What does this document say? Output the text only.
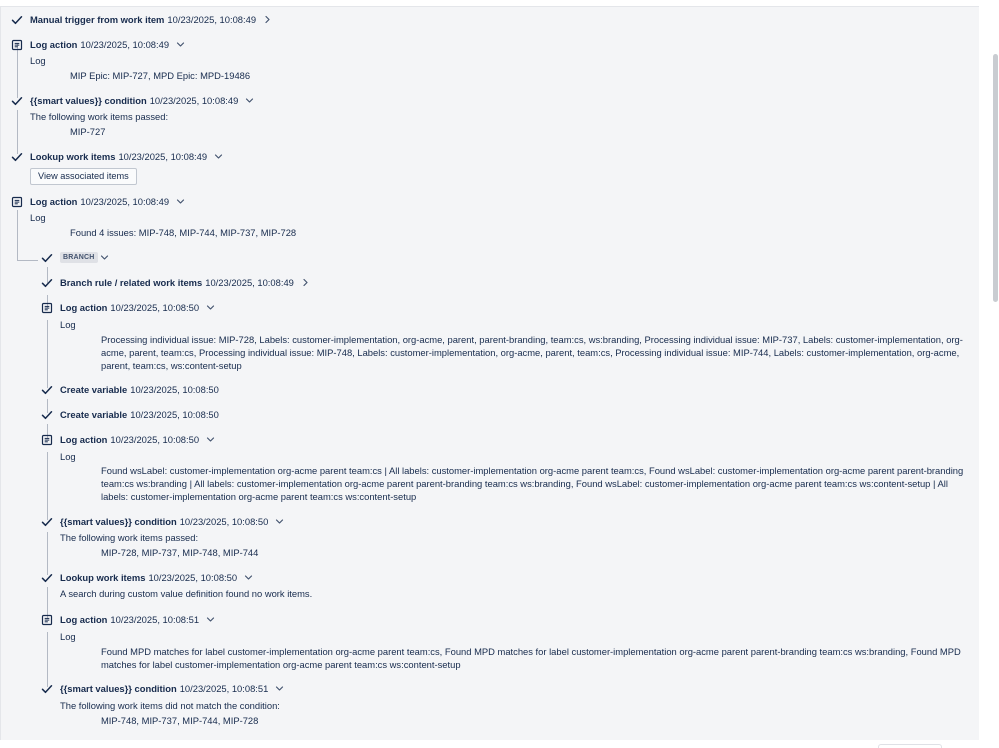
Manual trigger from work item 10/23/2025, 10:08:49
Log action 10/23/2025, 10:08:49
Log
MIP Epic: MIP-727, MPD Epic: MPD-19486
{{smart values}} condition 10/23/2025, 10:08:49
The following work items passed:
MIP-727
Lookup work items 10/23/2025, 10:08:49
View associated items
Log action 10/23/2025, 10:08:49
Log
Found 4 issues: MIP-748, MIP-744, MIP-737, MIP-728
BRANCH
Branch rule / related work items 10/23/2025, 10:08:49
Log action 10/23/2025, 10:08:50
Log
Processing individual issue: MIP-728, Labels: customer-implementation, org-acme, parent, parent-branding, team:cs, ws:branding, Processing individual issue: MIP-737, Labels: customer-implementation, org-acme, parent, team:cs, Processing individual issue: MIP-748, Labels: customer-implementation, org-acme, parent, team:cs, Processing individual issue: MIP-744, Labels: customer-implementation, org-acme, parent, team:cs, ws:content-setup
Create variable 10/23/2025, 10:08:50
Create variable 10/23/2025, 10:08:50
Log action 10/23/2025, 10:08:50
Log
Found wsLabel: customer-implementation org-acme parent team:cs | All labels: customer-implementation org-acme parent team:cs, Found wsLabel: customer-implementation org-acme parent parent-branding team:cs ws:branding | All labels: customer-implementation org-acme parent parent-branding team:cs ws:branding, Found wsLabel: customer-implementation org-acme parent team:cs ws:content-setup | All labels: customer-implementation org-acme parent team:cs ws:content-setup
{{smart values}} condition 10/23/2025, 10:08:50
The following work items passed:
MIP-728, MIP-737, MIP-748, MIP-744
Lookup work items 10/23/2025, 10:08:50
A search during custom value definition found no work items.
Log action 10/23/2025, 10:08:51
Log
Found MPD matches for label customer-implementation org-acme parent team:cs, Found MPD matches for label customer-implementation org-acme parent parent-branding team:cs ws:branding, Found MPD matches for label customer-implementation org-acme parent team:cs ws:content-setup
{{smart values}} condition 10/23/2025, 10:08:51
The following work items did not match the condition:
MIP-748, MIP-737, MIP-744, MIP-728
